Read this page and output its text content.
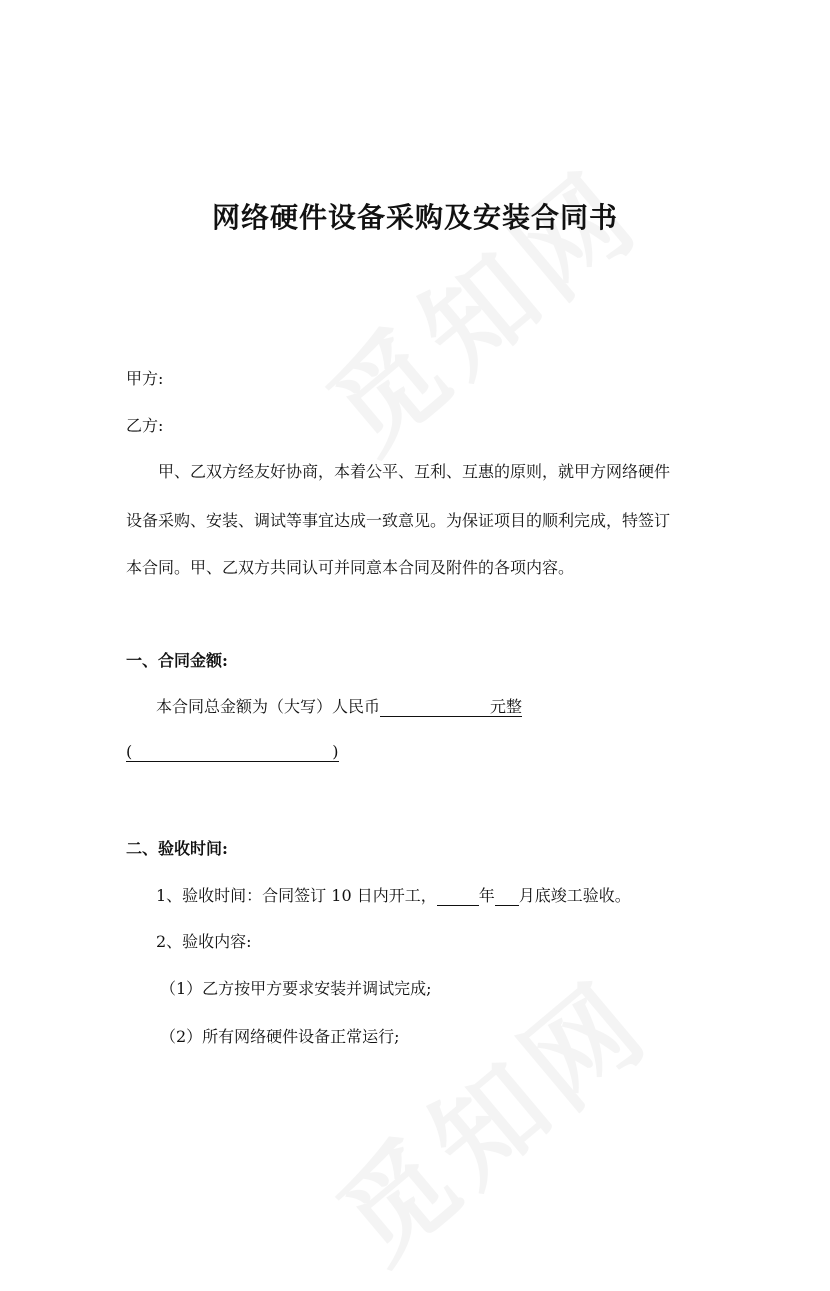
网络硬件设备采购及安装合同书
甲方:
乙方:
甲、乙双方经友好协商，本着公平、互利、互惠的原则，就甲方网络硬件
设备采购、安装、调试等事宜达成一致意见。为保证项目的顺利完成，特签订
本合同。甲、乙双方共同认可并同意本合同及附件的各项内容。
一、合同金额:
本合同总金额为（大写）人民币	元整
(	)
二、验收时间:
1、验收时间：合同签订 10 日内开工，	年 月底竣工验收。
2、验收内容:
（1）乙方按甲方要求安装并调试完成;
（2）所有网络硬件设备正常运行;
